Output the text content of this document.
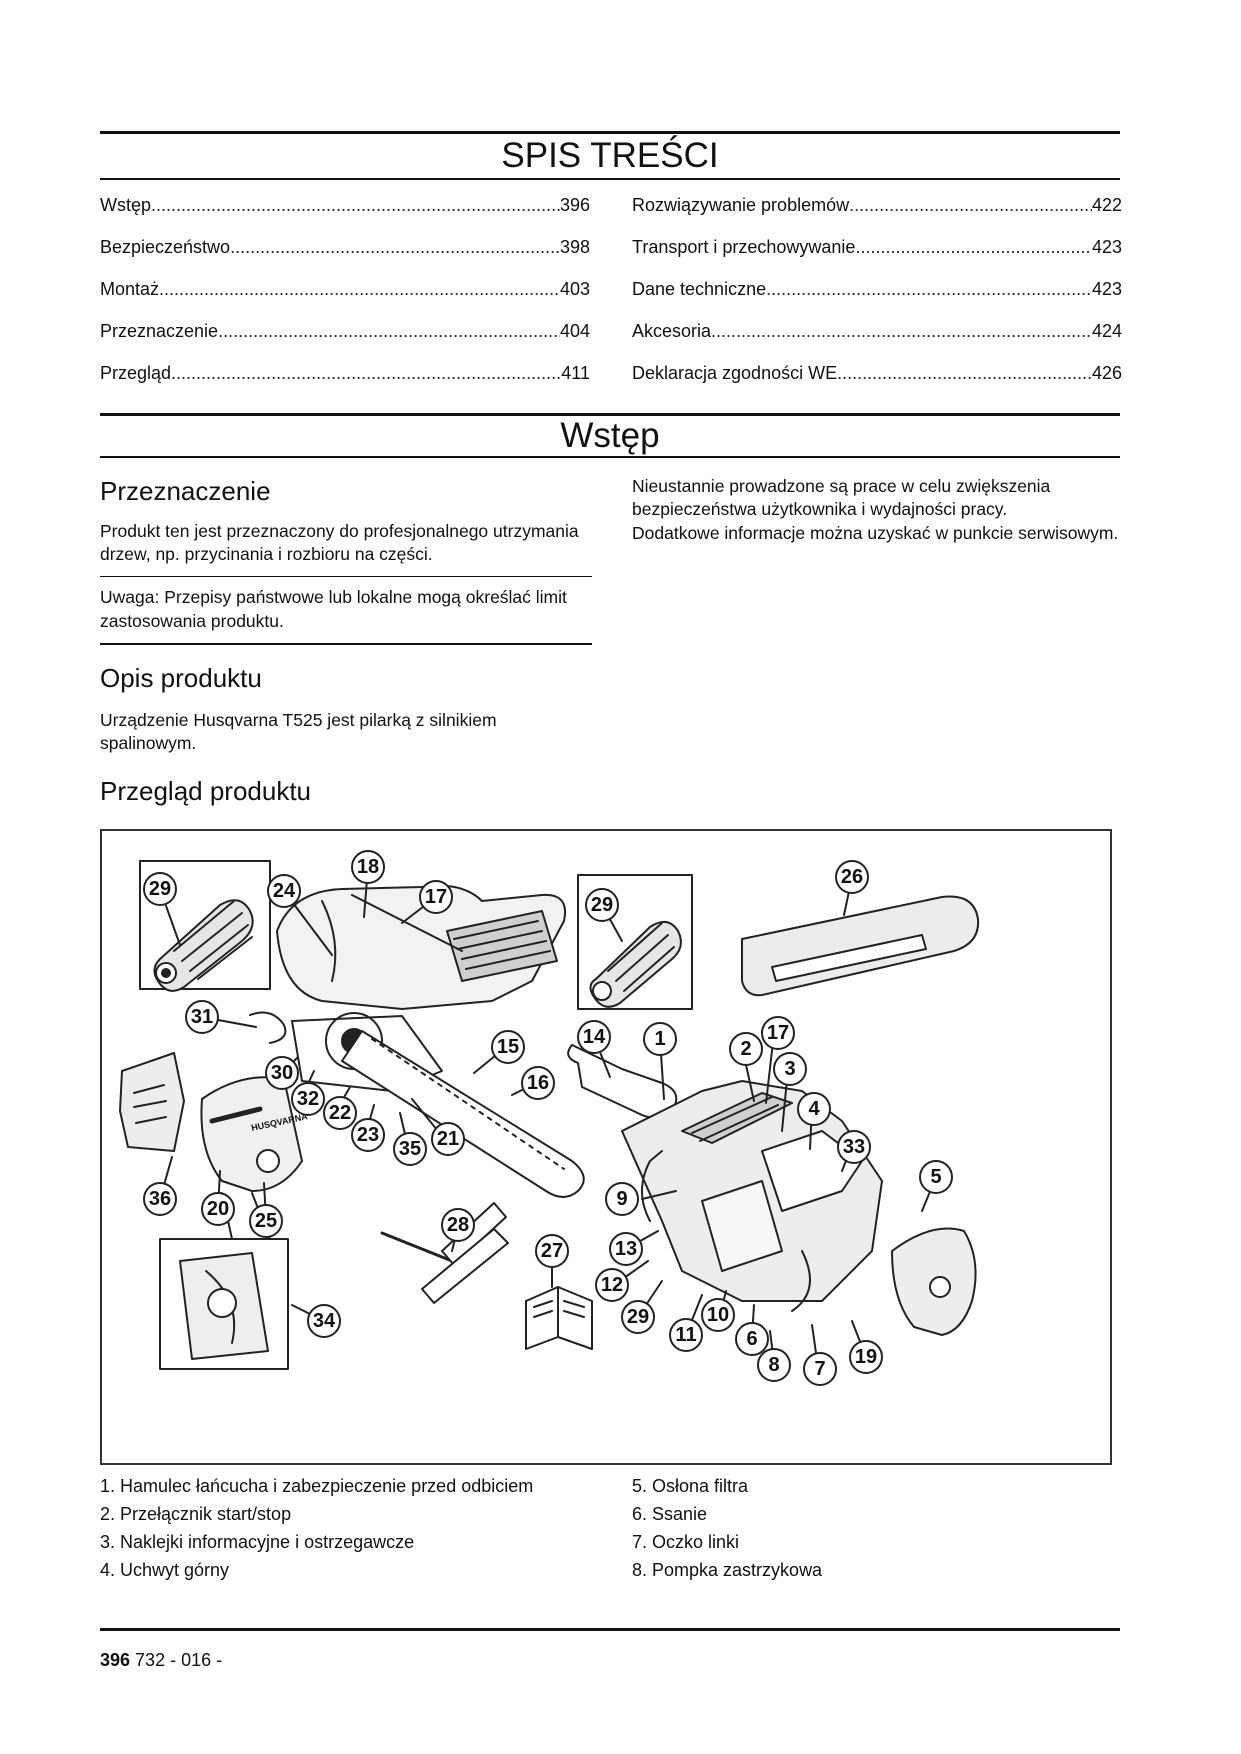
SPIS TREŚCI
Wstęp .....	396
Bezpieczeństwo .....	398
Montaż .....	403
Przeznaczenie .....	404
Przegląd .....	411
Rozwiązywanie problemów .....	422
Transport i przechowywanie .....	423
Dane techniczne .....	423
Akcesoria .....	424
Deklaracja zgodności WE .....	426
Wstęp
Przeznaczenie

Produkt ten jest przeznaczony do profesjonalnego utrzymania drzew, np. przycinania i rozbioru na części.

Uwaga: Przepisy państwowe lub lokalne mogą określać limit zastosowania produktu.

Nieustannie prowadzone są prace w celu zwiększenia bezpieczeństwa użytkownika i wydajności pracy.

Dodatkowe informacje można uzyskać w punkcie serwisowym.

Opis produktu

Urządzenie Husqvarna T525 jest pilarką z silnikiem spalinowym.

Przegląd produktu
29	24
18
17	29
26
31
30
32
22
23
35 21
15
16
14 1	2
17
3
4
33
5
36 20
25	28
27
9
13
12
29
11
10
6
8 7
19
34
HUSQVARNA
1. Hamulec łańcucha i zabezpieczenie przed odbiciem
2. Przełącznik start/stop
3. Naklejki informacyjne i ostrzegawcze
4. Uchwyt górny
5. Osłona filtra
6. Ssanie
7. Oczko linki
8. Pompka zastrzykowa
396 732 - 016 -
